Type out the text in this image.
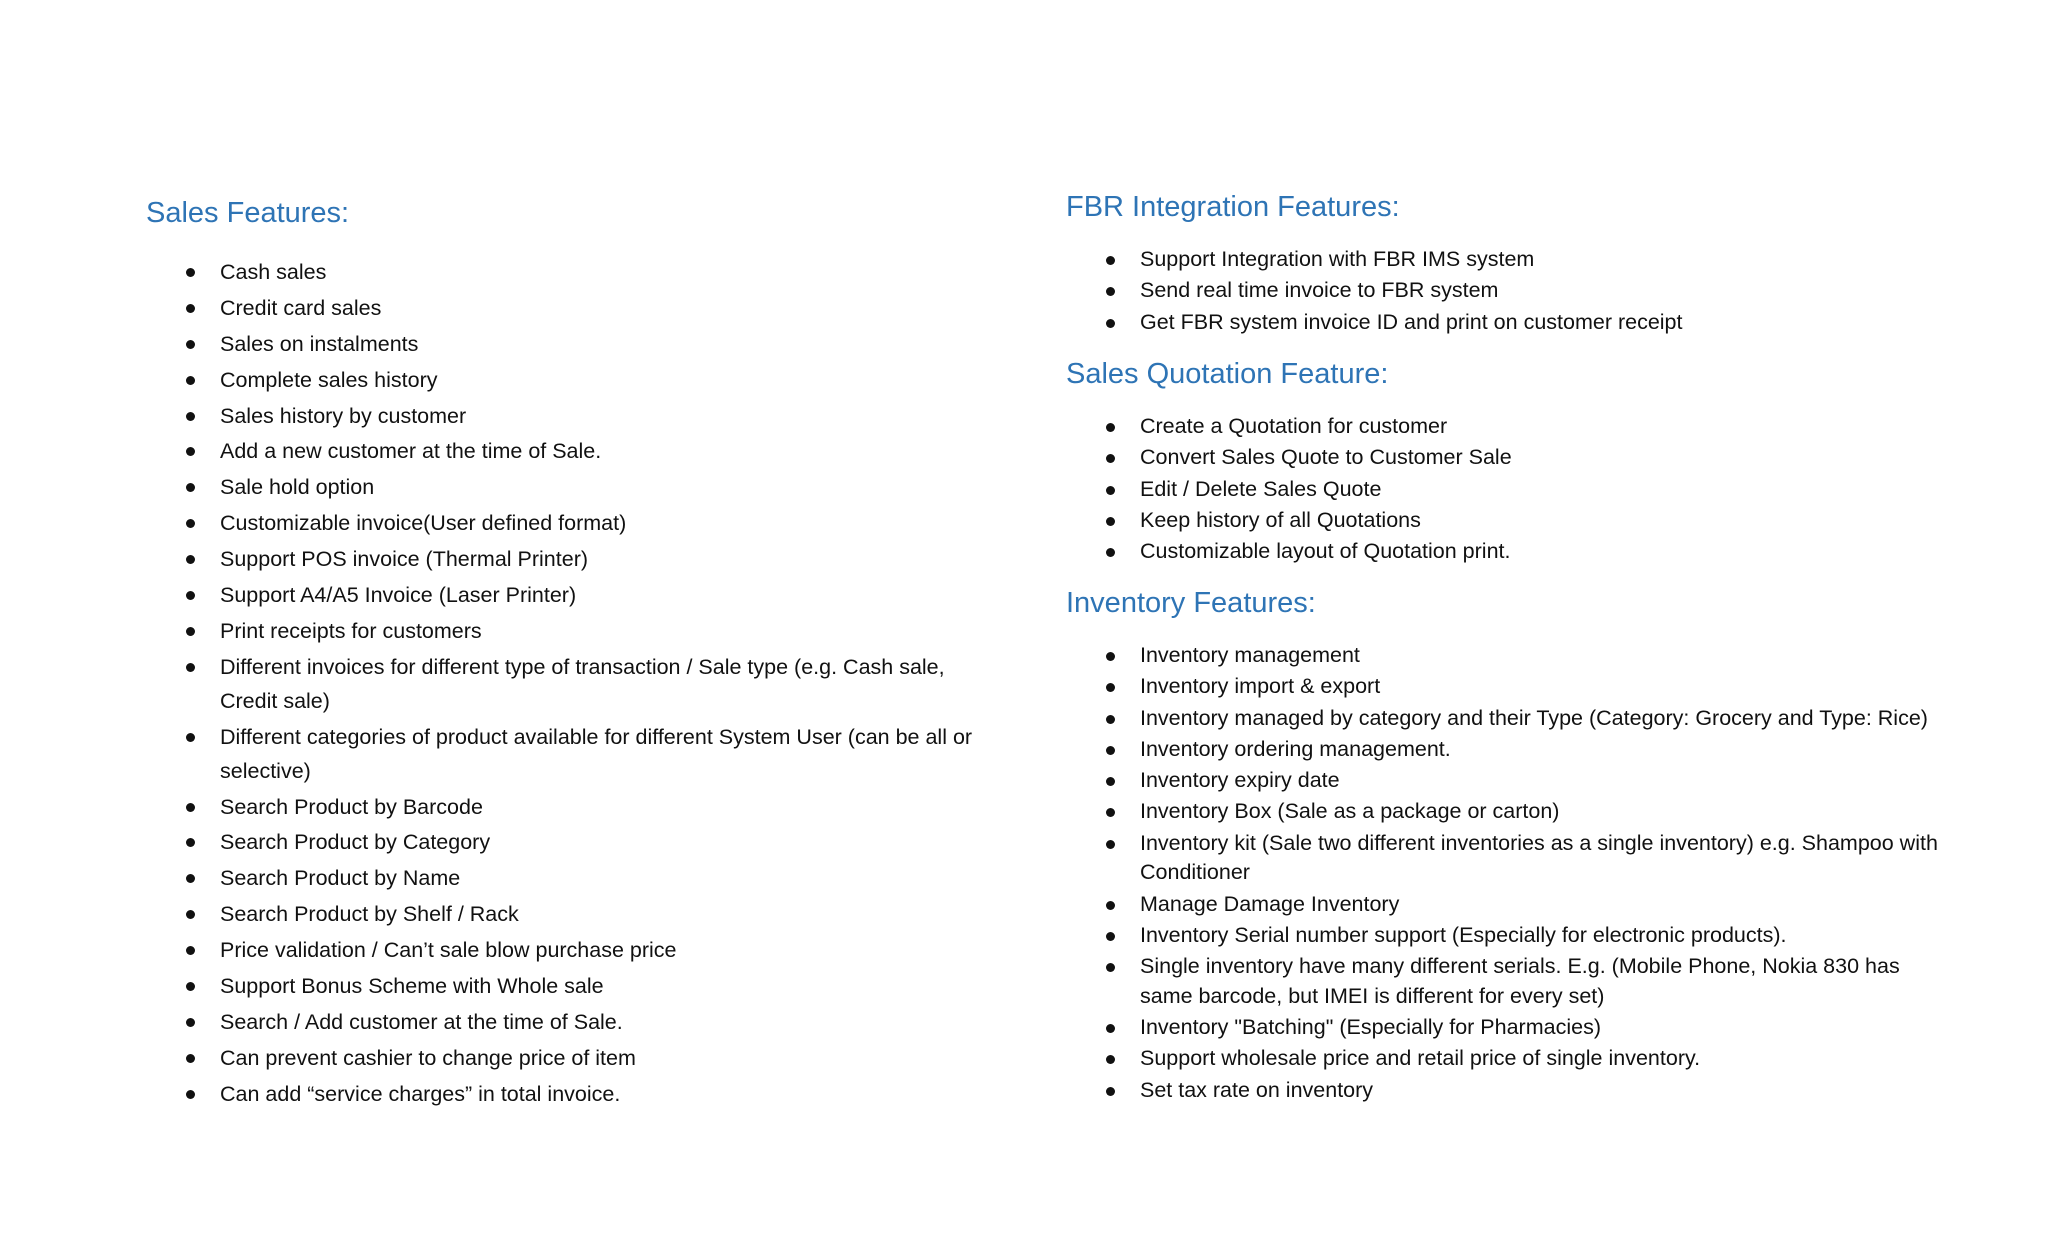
Sales Features:
Cash sales
Credit card sales
Sales on instalments
Complete sales history
Sales history by customer
Add a new customer at the time of Sale.
Sale hold option
Customizable invoice(User defined format)
Support POS invoice (Thermal Printer)
Support A4/A5 Invoice (Laser Printer)
Print receipts for customers
Different invoices for different type of transaction / Sale type (e.g. Cash sale, Credit sale)
Different categories of product available for different System User (can be all or selective)
Search Product by Barcode
Search Product by Category
Search Product by Name
Search Product by Shelf / Rack
Price validation / Can’t sale blow purchase price
Support Bonus Scheme with Whole sale
Search / Add customer at the time of Sale.
Can prevent cashier to change price of item
Can add “service charges” in total invoice.
FBR Integration Features:
Support Integration with FBR IMS system
Send real time invoice to FBR system
Get FBR system invoice ID and print on customer receipt
Sales Quotation Feature:
Create a Quotation for customer
Convert Sales Quote to Customer Sale
Edit / Delete Sales Quote
Keep history of all Quotations
Customizable layout of Quotation print.
Inventory Features:
Inventory management
Inventory import & export
Inventory managed by category and their Type (Category: Grocery and Type: Rice)
Inventory ordering management.
Inventory expiry date
Inventory Box (Sale as a package or carton)
Inventory kit (Sale two different inventories as a single inventory) e.g. Shampoo with Conditioner
Manage Damage Inventory
Inventory Serial number support (Especially for electronic products).
Single inventory have many different serials. E.g. (Mobile Phone, Nokia 830 has same barcode, but IMEI is different for every set)
Inventory "Batching" (Especially for Pharmacies)
Support wholesale price and retail price of single inventory.
Set tax rate on inventory
